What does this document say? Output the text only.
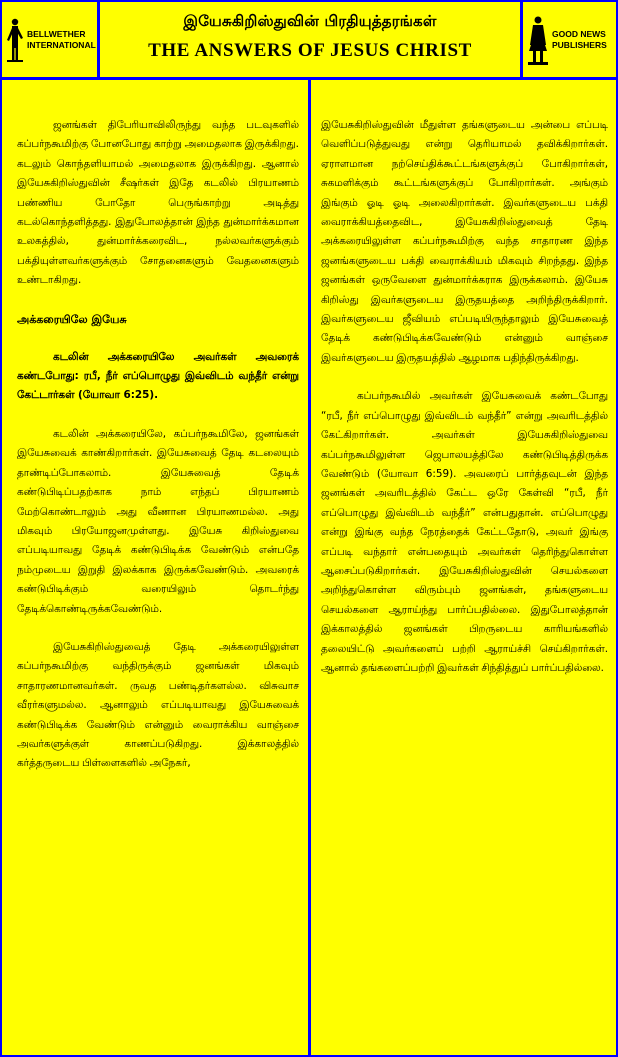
BELLWETHER INTERNATIONAL
இயேசுகிறிஸ்துவின் பிரதியுத்தரங்கள்
THE ANSWERS OF JESUS CHRIST
GOOD NEWS PUBLISHERS

ஜனங்கள் திபேரியாவிலிருந்து வந்த படவுகளில் கப்பர்நகூமிற்கு போனபோது காற்று அமைதலாக இருக்கிறது. கடலும் கொந்தளியாமல் அமைதலாக இருக்கிறது. ஆனால் இயேசுகிறிஸ்துவின் சீஷர்கள் இதே கடலில் பிரயாணம் பண்ணிய போதோ பெருங்காற்று அடித்து கடல்கொந்தளித்தது. இதுபோலத்தான் இந்த துன்மார்க்கமான உலகத்தில், துன்மார்க்கரைவிட, நல்லவர்களுக்கும் பக்தியுள்ளவர்களுக்கும் சோதனைகளும் வேதனைகளும் உண்டாகிறது.

அக்கரையிலே இயேசு

கடலின் அக்கரையிலே அவர்கள் அவரைக் கண்டபோது: ரபீ, நீர் எப்பொழுது இவ்விடம் வந்தீர் என்று கேட்டார்கள் (யோவா 6:25).

கடலின் அக்கரையிலே, கப்பர்நகூமிலே, ஜனங்கள் இயேசுவைக் காண்கிறார்கள். இயேசுவைத் தேடி கடலையும் தாண்டிப்போகலாம். இயேசுவைத் தேடிக் கண்டுபிடிப்பதற்காக நாம் எந்தப் பிரயாணம் மேற்கொண்டாலும் அது வீணான பிரயாணமல்ல. அது மிகவும் பிரயோஜனமுள்ளது. இயேசு கிறிஸ்துவை எப்படியாவது தேடிக் கண்டுபிடிக்க வேண்டும் என்பதே நம்முடைய இறுதி இலக்காக இருக்கவேண்டும். அவரைக் கண்டுபிடிக்கும் வரையிலும் தொடர்ந்து தேடிக்கொண்டிருக்கவேண்டும்.

இயேசுகிறிஸ்துவைத் தேடி அக்கரையிலுள்ள கப்பர்நகூமிற்கு வந்திருக்கும் ஜனங்கள் மிகவும் சாதாரணமானவர்கள். ருவத பண்டிதர்களல்ல. விசுவாச வீரர்களுமல்ல. ஆனாலும் எப்படியாவது இயேசுவைக் கண்டுபிடிக்க வேண்டும் என்னும் வைராக்கிய வாஞ்சை அவர்களுக்குள் காணப்படுகிறது. இக்காலத்தில் கர்த்தருடைய பிள்ளைகளில் அநேகர்,

இயேசுகிறிஸ்துவின் மீதுள்ள தங்களுடைய அன்பை எப்படி வெளிப்படுத்துவது என்று தெரியாமல் தவிக்கிறார்கள். ஏராளமான நற்செய்திக்கூட்டங்களுக்குப் போகிறார்கள், சுகமளிக்கும் கூட்டங்களுக்குப் போகிறார்கள். அங்கும் இங்கும் ஓடி ஓடி அலைகிறார்கள். இவர்களுடைய பக்தி வைராக்கியத்தைவிட, இயேசுகிறிஸ்துவைத் தேடி அக்கரையிலுள்ள கப்பர்நகூமிற்கு வந்த சாதாரண இந்த ஜனங்களுடைய பக்தி வைராக்கியம் மிகவும் சிறந்தது. இந்த ஜனங்கள் ஒருவேளை துன்மார்க்கராக இருக்கலாம். இயேசு கிறிஸ்து இவர்களுடைய இருதயத்தை அறிந்திருக்கிறார். இவர்களுடைய ஜீவியம் எப்படியிருந்தாலும் இயேசுவைத் தேடிக் கண்டுபிடிக்கவேண்டும் என்னும் வாஞ்சை இவர்களுடைய இருதயத்தில் ஆழமாக பதிந்திருக்கிறது.

கப்பர்நகூமில் அவர்கள் இயேசுவைக் கண்டபோது “ரபீ, நீர் எப்பொழுது இவ்விடம் வந்தீர்” என்று அவரிடத்தில் கேட்கிறார்கள். அவர்கள் இயேசுகிறிஸ்துவை கப்பர்நகூமிலுள்ள ஜெபாலயத்திலே கண்டுபிடித்திருக்க வேண்டும் (யோவா 6:59). அவரைப் பார்த்தவுடன் இந்த ஜனங்கள் அவரிடத்தில் கேட்ட ஒரே கேள்வி “ரபீ, நீர் எப்பொழுது இவ்விடம் வந்தீர்” என்பதுதான். எப்பொழுது என்று இங்கு வந்த நேரத்தைக் கேட்டதோடு, அவர் இங்கு எப்படி வந்தார் என்பதையும் அவர்கள் தெரிந்துகொள்ள ஆசைப்படுகிறார்கள். இயேசுகிறிஸ்துவின் செயல்களை அறிந்துகொள்ள விரும்பும் ஜனங்கள், தங்களுடைய செயல்களை ஆராய்ந்து பார்ப்பதில்லை. இதுபோலத்தான் இக்காலத்தில் ஜனங்கள் பிறருடைய காரியங்களில் தலையிட்டு அவர்களைப் பற்றி ஆராய்ச்சி செய்கிறார்கள். ஆனால் தங்களைப்பற்றி இவர்கள் சிந்தித்துப் பார்ப்பதில்லை.
